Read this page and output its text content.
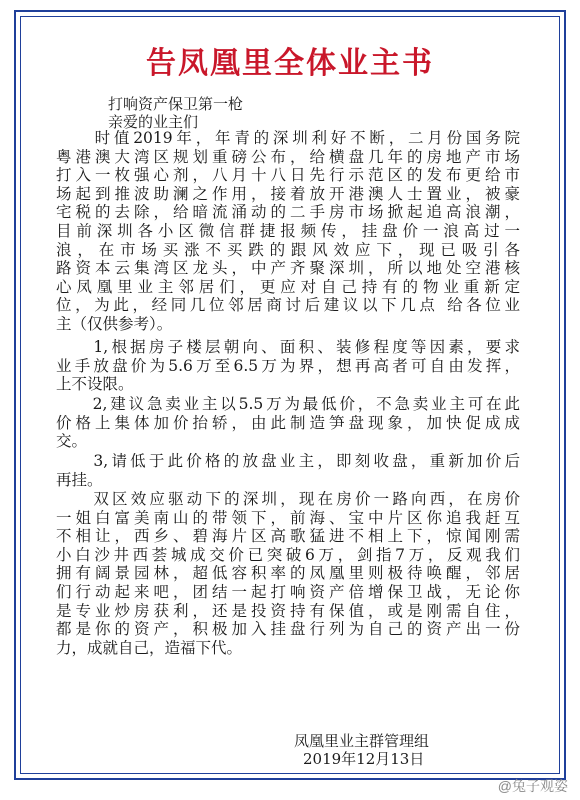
告凤凰里全体业主书
打响资产保卫第一枪
亲爱的业主们
　　时值2019年，年青的深圳利好不断，二月份国务院
粤港澳大湾区规划重磅公布，给横盘几年的房地产市场
打入一枚强心剂，八月十八日先行示范区的发布更给市
场起到推波助澜之作用，接着放开港澳人士置业，被豪
宅税的去除，给暗流涌动的二手房市场掀起追高浪潮，
目前深圳各小区微信群捷报频传，挂盘价一浪高过一
浪，在市场买涨不买跌的跟风效应下，现已吸引各
路资本云集湾区龙头，中产齐聚深圳，所以地处空港核
心凤凰里业主邻居们，更应对自己持有的物业重新定
位，为此，经同几位邻居商讨后建议以下几点 给各位业
主（仅供参考）。
　　1,根据房子楼层朝向、面积、装修程度等因素，要求
业手放盘价为5.6万至6.5万为界，想再高者可自由发挥，
上不设限。
　　2,建议急卖业主以5.5万为最低价，不急卖业主可在此
价格上集体加价抬轿，由此制造笋盘现象，加快促成成
交。
　　3,请低于此价格的放盘业主，即刻收盘，重新加价后
再挂。
　　双区效应驱动下的深圳，现在房价一路向西，在房价
一姐白富美南山的带领下，前海、宝中片区你追我赶互
不相让，西乡、碧海片区高歌猛进不相上下，惊闻刚需
小白沙井西荟城成交价已突破6万，剑指7万，反观我们
拥有阔景园林，超低容积率的凤凰里则极待唤醒，邻居
们行动起来吧，团结一起打响资产倍增保卫战，无论你
是专业炒房获利，还是投资持有保值，或是刚需自住，
都是你的资产，积极加入挂盘行列为自己的资产出一份
力，成就自己，造福下代。
凤凰里业主群管理组
2019年12月13日
@兔子观姿
